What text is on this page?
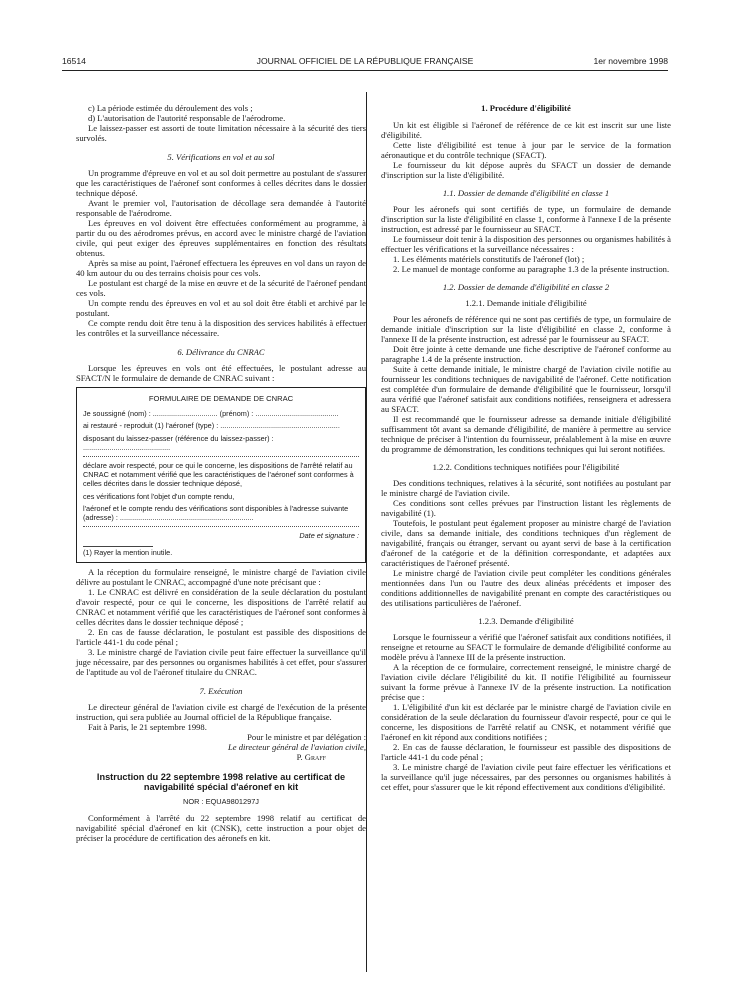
16514	JOURNAL OFFICIEL DE LA RÉPUBLIQUE FRANÇAISE	1er novembre 1998

c) La période estimée du déroulement des vols ;

d) L'autorisation de l'autorité responsable de l'aérodrome.

Le laissez-passer est assorti de toute limitation nécessaire à la sécurité des tiers survolés.

5. Vérifications en vol et au sol

Un programme d'épreuve en vol et au sol doit permettre au postulant de s'assurer que les caractéristiques de l'aéronef sont conformes à celles décrites dans le dossier technique déposé.

Avant le premier vol, l'autorisation de décollage sera demandée à l'autorité responsable de l'aérodrome.

Les épreuves en vol doivent être effectuées conformément au programme, à partir du ou des aérodromes prévus, en accord avec le ministre chargé de l'aviation civile, qui peut exiger des épreuves supplémentaires en fonction des résultats obtenus.

Après sa mise au point, l'aéronef effectuera les épreuves en vol dans un rayon de 40 km autour du ou des terrains choisis pour ces vols.

Le postulant est chargé de la mise en œuvre et de la sécurité de l'aéronef pendant ces vols.

Un compte rendu des épreuves en vol et au sol doit être établi et archivé par le postulant.

Ce compte rendu doit être tenu à la disposition des services habilités à effectuer les contrôles et la surveillance nécessaire.

6. Délivrance du CNRAC

Lorsque les épreuves en vols ont été effectuées, le postulant adresse au SFACT/N le formulaire de demande de CNRAC suivant :

FORMULAIRE DE DEMANDE DE CNRAC
Je soussigné (nom) : ................................ (prénom) : .........................................
ai restauré - reproduit (1) l'aéronef (type) : ...........................................................
disposant du laissez-passer (référence du laissez-passer) : ...........................................
déclare avoir respecté, pour ce qui le concerne, les dispositions de l'arrêté relatif au CNRAC et notamment vérifié que les caractéristiques de l'aéronef sont conformes à celles décrites dans le dossier technique déposé,
ces vérifications font l'objet d'un compte rendu,
l'aéronef et le compte rendu des vérifications sont disponibles à l'adresse suivante (adresse) : ..................................................................
Date et signature :
(1) Rayer la mention inutile.

A la réception du formulaire renseigné, le ministre chargé de l'aviation civile délivre au postulant le CNRAC, accompagné d'une note précisant que :

1. Le CNRAC est délivré en considération de la seule déclaration du postulant d'avoir respecté, pour ce qui le concerne, les dispositions de l'arrêté relatif au CNRAC et notamment vérifié que les caractéristiques de l'aéronef sont conformes à celles décrites dans le dossier technique déposé ;

2. En cas de fausse déclaration, le postulant est passible des dispositions de l'article 441-1 du code pénal ;

3. Le ministre chargé de l'aviation civile peut faire effectuer la surveillance qu'il juge nécessaire, par des personnes ou organismes habilités à cet effet, pour s'assurer de l'aptitude au vol de l'aéronef titulaire du CNRAC.

7. Exécution

Le directeur général de l'aviation civile est chargé de l'exécution de la présente instruction, qui sera publiée au Journal officiel de la République française.

Fait à Paris, le 21 septembre 1998.

Pour le ministre et par délégation :

Le directeur général de l'aviation civile,

P. Graff

Instruction du 22 septembre 1998 relative au certificat de navigabilité spécial d'aéronef en kit
NOR : EQUA9801297J

Conformément à l'arrêté du 22 septembre 1998 relatif au certificat de navigabilité spécial d'aéronef en kit (CNSK), cette instruction a pour objet de préciser la procédure de certification des aéronefs en kit.

1. Procédure d'éligibilité

Un kit est éligible si l'aéronef de référence de ce kit est inscrit sur une liste d'éligibilité.

Cette liste d'éligibilité est tenue à jour par le service de la formation aéronautique et du contrôle technique (SFACT).

Le fournisseur du kit dépose auprès du SFACT un dossier de demande d'inscription sur la liste d'éligibilité.

1.1. Dossier de demande d'éligibilité en classe 1

Pour les aéronefs qui sont certifiés de type, un formulaire de demande d'inscription sur la liste d'éligibilité en classe 1, conforme à l'annexe I de la présente instruction, est adressé par le fournisseur au SFACT.

Le fournisseur doit tenir à la disposition des personnes ou organismes habilités à effectuer les vérifications et la surveillance nécessaires :

1. Les éléments matériels constitutifs de l'aéronef (lot) ;

2. Le manuel de montage conforme au paragraphe 1.3 de la présente instruction.

1.2. Dossier de demande d'éligibilité en classe 2
1.2.1. Demande initiale d'éligibilité

Pour les aéronefs de référence qui ne sont pas certifiés de type, un formulaire de demande initiale d'inscription sur la liste d'éligibilité en classe 2, conforme à l'annexe II de la présente instruction, est adressé par le fournisseur au SFACT.

Doit être jointe à cette demande une fiche descriptive de l'aéronef conforme au paragraphe 1.4 de la présente instruction.

Suite à cette demande initiale, le ministre chargé de l'aviation civile notifie au fournisseur les conditions techniques de navigabilité de l'aéronef. Cette notification est complétée d'un formulaire de demande d'éligibilité que le fournisseur, lorsqu'il aura vérifié que l'aéronef satisfait aux conditions notifiées, renseignera et adressera au SFACT.

Il est recommandé que le fournisseur adresse sa demande initiale d'éligibilité suffisamment tôt avant sa demande d'éligibilité, de manière à permettre au service technique de préciser à l'intention du fournisseur, préalablement à la mise en œuvre du programme de démonstration, les conditions techniques qui lui seront notifiées.

1.2.2. Conditions techniques notifiées pour l'éligibilité

Des conditions techniques, relatives à la sécurité, sont notifiées au postulant par le ministre chargé de l'aviation civile.

Ces conditions sont celles prévues par l'instruction listant les règlements de navigabilité (1).

Toutefois, le postulant peut également proposer au ministre chargé de l'aviation civile, dans sa demande initiale, des conditions techniques d'un règlement de navigabilité, français ou étranger, servant ou ayant servi de base à la certification d'aéronef de la catégorie et de la définition correspondante, et adaptées aux caractéristiques de l'aéronef présenté.

Le ministre chargé de l'aviation civile peut compléter les conditions générales mentionnées dans l'un ou l'autre des deux alinéas précédents et imposer des conditions additionnelles de navigabilité prenant en compte des caractéristiques ou des utilisations particulières de l'aéronef.

1.2.3. Demande d'éligibilité

Lorsque le fournisseur a vérifié que l'aéronef satisfait aux conditions notifiées, il renseigne et retourne au SFACT le formulaire de demande d'éligibilité conforme au modèle prévu à l'annexe III de la présente instruction.

A la réception de ce formulaire, correctement renseigné, le ministre chargé de l'aviation civile déclare l'éligibilité du kit. Il notifie l'éligibilité au fournisseur suivant la forme prévue à l'annexe IV de la présente instruction. La notification précise que :

1. L'éligibilité d'un kit est déclarée par le ministre chargé de l'aviation civile en considération de la seule déclaration du fournisseur d'avoir respecté, pour ce qui le concerne, les dispositions de l'arrêté relatif au CNSK, et notamment vérifié que l'aéronef en kit répond aux conditions notifiées ;

2. En cas de fausse déclaration, le fournisseur est passible des dispositions de l'article 441-1 du code pénal ;

3. Le ministre chargé de l'aviation civile peut faire effectuer les vérifications et la surveillance qu'il juge nécessaires, par des personnes ou organismes habilités à cet effet, pour s'assurer que le kit répond effectivement aux conditions d'éligibilité.
